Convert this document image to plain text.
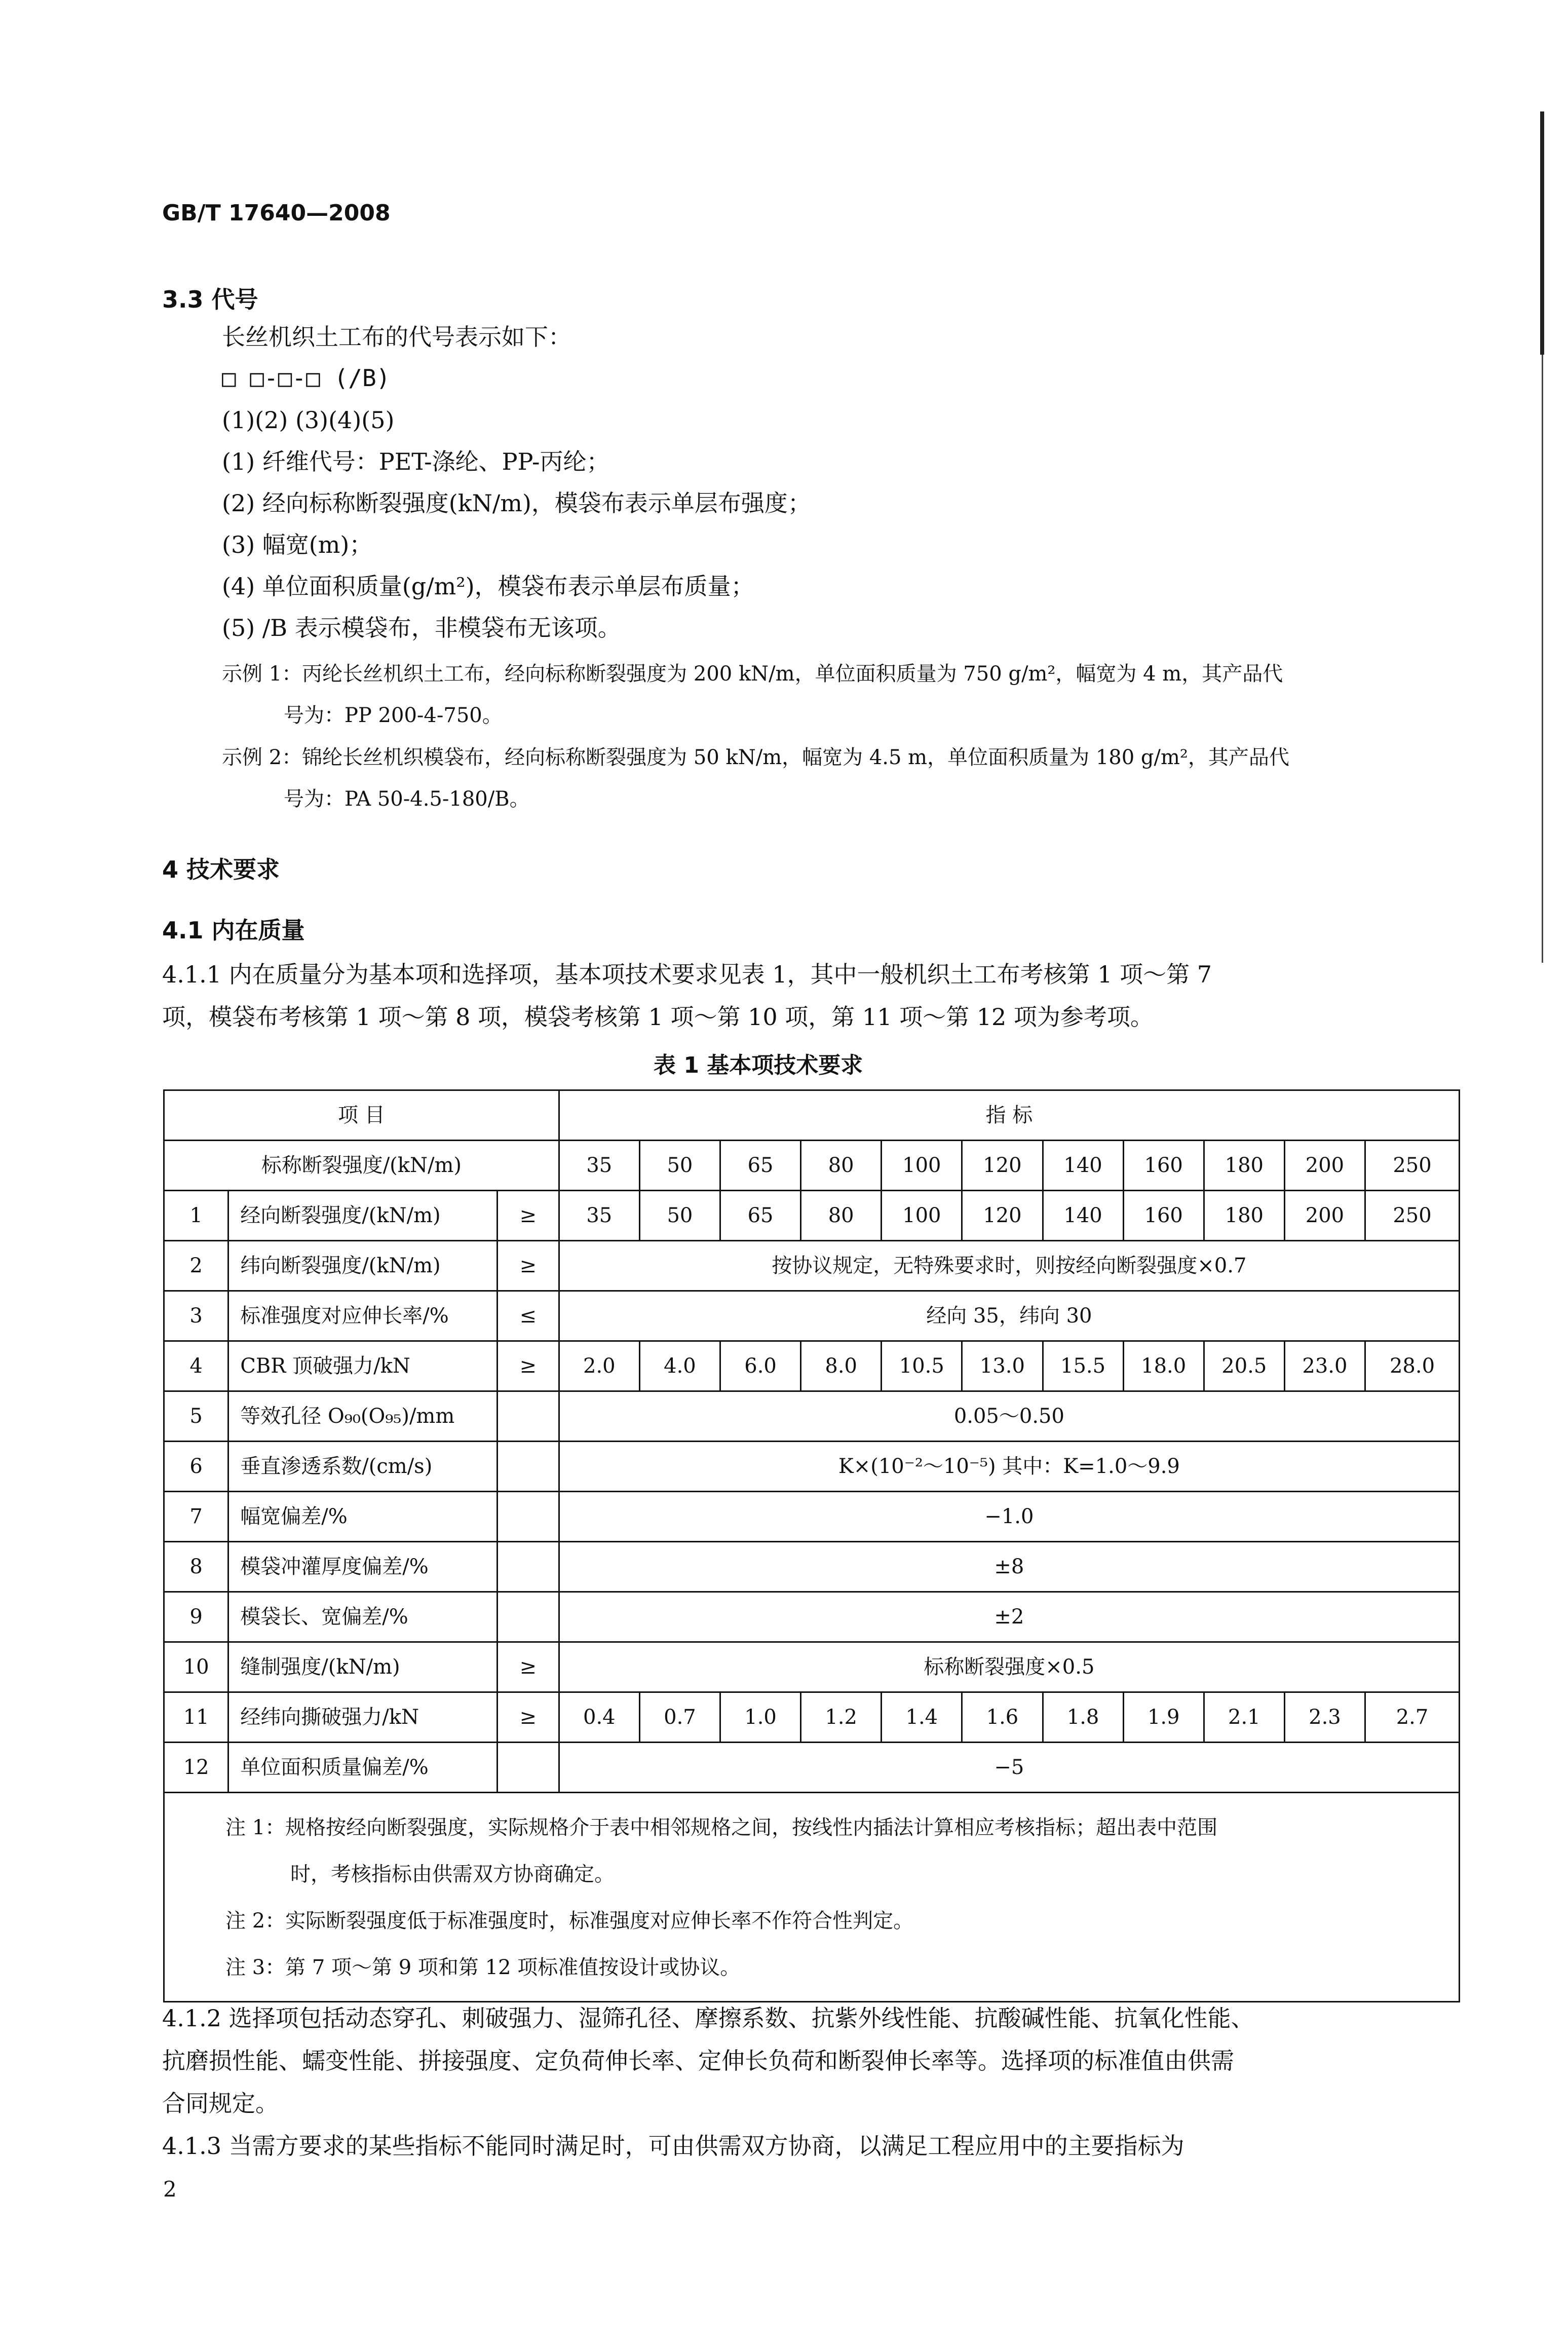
GB/T 17640—2008
3.3 代号
长丝机织土工布的代号表示如下：
□ □-□-□ (/B)
(1)(2) (3)(4)(5)
(1) 纤维代号：PET-涤纶、PP-丙纶；
(2) 经向标称断裂强度(kN/m)，模袋布表示单层布强度；
(3) 幅宽(m)；
(4) 单位面积质量(g/m²)，模袋布表示单层布质量；
(5) /B 表示模袋布，非模袋布无该项。
示例 1：丙纶长丝机织土工布，经向标称断裂强度为 200 kN/m，单位面积质量为 750 g/m²，幅宽为 4 m，其产品代
号为：PP 200-4-750。
示例 2：锦纶长丝机织模袋布，经向标称断裂强度为 50 kN/m，幅宽为 4.5 m，单位面积质量为 180 g/m²，其产品代
号为：PA 50-4.5-180/B。
4 技术要求
4.1 内在质量
4.1.1 内在质量分为基本项和选择项，基本项技术要求见表 1，其中一般机织土工布考核第 1 项～第 7
项，模袋布考核第 1 项～第 8 项，模袋考核第 1 项～第 10 项，第 11 项～第 12 项为参考项。
表 1 基本项技术要求
项 目			指 标										
标称断裂强度/(kN/m)			35	50	65	80	100	120	140	160	180	200	250
1	经向断裂强度/(kN/m)	≥	35	50	65	80	100	120	140	160	180	200	250
2	纬向断裂强度/(kN/m)	≥	按协议规定，无特殊要求时，则按经向断裂强度×0.7										
3	标准强度对应伸长率/%	≤	经向 35，纬向 30										
4	CBR 顶破强力/kN	≥	2.0	4.0	6.0	8.0	10.5	13.0	15.5	18.0	20.5	23.0	28.0
5	等效孔径 O₉₀(O₉₅)/mm		0.05～0.50										
6	垂直渗透系数/(cm/s)		K×(10⁻²～10⁻⁵) 其中：K=1.0～9.9										
7	幅宽偏差/%		−1.0										
8	模袋冲灌厚度偏差/%		±8										
9	模袋长、宽偏差/%		±2										
10	缝制强度/(kN/m)	≥	标称断裂强度×0.5										
11	经纬向撕破强力/kN	≥	0.4	0.7	1.0	1.2	1.4	1.6	1.8	1.9	2.1	2.3	2.7
12	单位面积质量偏差/%		−5										

注 1：规格按经向断裂强度，实际规格介于表中相邻规格之间，按线性内插法计算相应考核指标；超出表中范围
时，考核指标由供需双方协商确定。
注 2：实际断裂强度低于标准强度时，标准强度对应伸长率不作符合性判定。
注 3：第 7 项～第 9 项和第 12 项标准值按设计或协议。													
4.1.2 选择项包括动态穿孔、刺破强力、湿筛孔径、摩擦系数、抗紫外线性能、抗酸碱性能、抗氧化性能、
抗磨损性能、蠕变性能、拼接强度、定负荷伸长率、定伸长负荷和断裂伸长率等。选择项的标准值由供需
合同规定。
4.1.3 当需方要求的某些指标不能同时满足时，可由供需双方协商，以满足工程应用中的主要指标为
2
